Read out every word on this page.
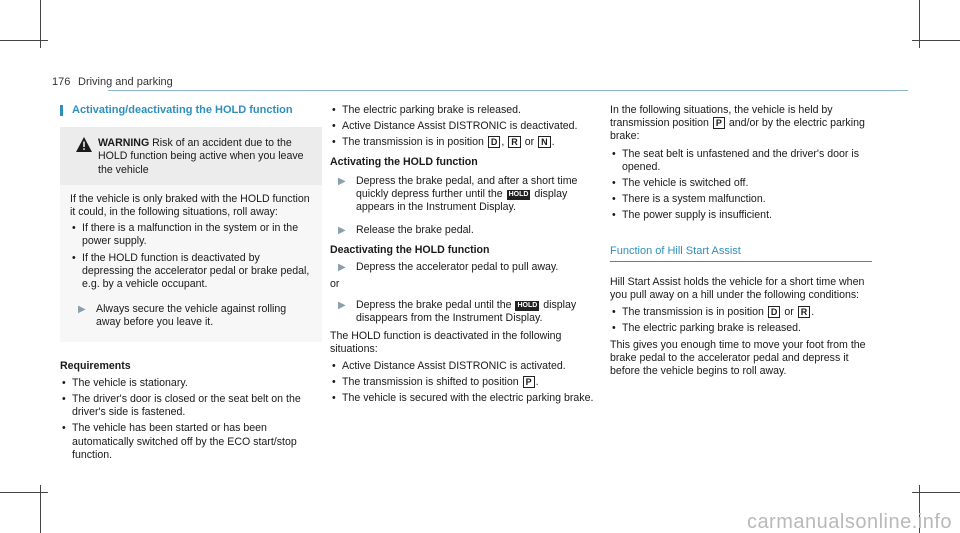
176 Driving and parking
Activating/deactivating the HOLD function
WARNING Risk of an accident due to the HOLD function being active when you leave the vehicle

If the vehicle is only braked with the HOLD function it could, in the following situations, roll away:

• If there is a malfunction in the system or in the power supply.
• If the HOLD function is deactivated by depressing the accelerator pedal or brake pedal, e.g. by a vehicle occupant.
▶ Always secure the vehicle against rolling away before you leave it.
Requirements
• The vehicle is stationary.
• The driver's door is closed or the seat belt on the driver's side is fastened.
• The vehicle has been started or has been automatically switched off by the ECO start/stop function.
• The electric parking brake is released.
• Active Distance Assist DISTRONIC is deactivated.
• The transmission is in position D , R or N .
Activating the HOLD function
▶ Depress the brake pedal, and after a short time quickly depress further until the HOLD display appears in the Instrument Display.
▶ Release the brake pedal.
Deactivating the HOLD function
▶ Depress the accelerator pedal to pull away.

or

▶ Depress the brake pedal until the HOLD display disappears from the Instrument Display.

The HOLD function is deactivated in the following situations:

• Active Distance Assist DISTRONIC is activated.
• The transmission is shifted to position P .
• The vehicle is secured with the electric parking brake.

In the following situations, the vehicle is held by transmission position P and/or by the electric parking brake:

• The seat belt is unfastened and the driver's door is opened.
• The vehicle is switched off.
• There is a system malfunction.
• The power supply is insufficient.
Function of Hill Start Assist

Hill Start Assist holds the vehicle for a short time when you pull away on a hill under the following conditions:

• The transmission is in position D or R .
• The electric parking brake is released.

This gives you enough time to move your foot from the brake pedal to the accelerator pedal and depress it before the vehicle begins to roll away.

carmanualsonline.info
